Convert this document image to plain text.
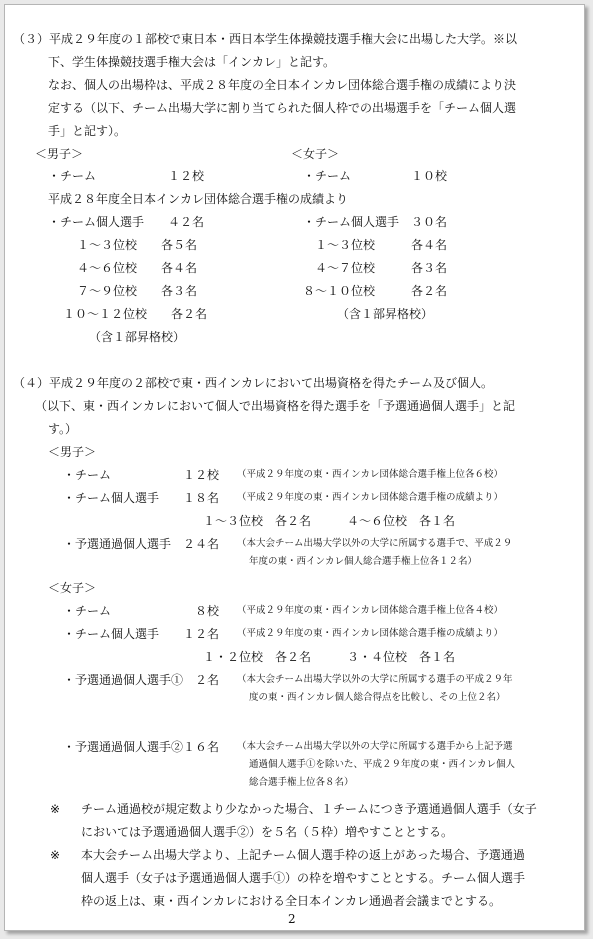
（３）平成２９年度の１部校で東日本・西日本学生体操競技選手権大会に出場した大学。※以
下、学生体操競技選手権大会は「インカレ」と記す。
なお、個人の出場枠は、平成２８年度の全日本インカレ団体総合選手権の成績により決
定する（以下、チーム出場大学に割り当てられた個人枠での出場選手を「チーム個人選
手」と記す）。
＜男子＞	＜女子＞
・チーム　　　　　　１２校	・チーム　　　　　１０校
平成２８年度全日本インカレ団体総合選手権の成績より
・チーム個人選手　　４２名	・チーム個人選手　３０名
１～３位校　　各５名	１～３位校　　　各４名
４～６位校　　各４名	４～７位校　　　各３名
７～９位校　　各３名	８～１０位校　　　各２名
１０～１２位校　　各２名	（含１部昇格校）
（含１部昇格校）
（４）平成２９年度の２部校で東・西インカレにおいて出場資格を得たチーム及び個人。
（以下、東・西インカレにおいて個人で出場資格を得た選手を「予選通過個人選手」と記
す。）
＜男子＞
・チーム　　　　　　１２校 （平成２９年度の東・西インカレ団体総合選手権上位各６校）
・チーム個人選手　　１８名 （平成２９年度の東・西インカレ団体総合選手権の成績より）
１～３位校　各２名　　　４～６位校　各１名
・予選通過個人選手　２４名 （本大会チーム出場大学以外の大学に所属する選手で、平成２９
年度の東・西インカレ個人総合選手権上位各１２名）
＜女子＞
・チーム　　　　　　　８校 （平成２９年度の東・西インカレ団体総合選手権上位各４校）
・チーム個人選手　　１２名 （平成２９年度の東・西インカレ団体総合選手権の成績より）
１・２位校　各２名　　　３・４位校　各１名
・予選通過個人選手①　２名 （本大会チーム出場大学以外の大学に所属する選手の平成２９年
度の東・西インカレ個人総合得点を比較し、その上位２名）
・予選通過個人選手②１６名 （本大会チーム出場大学以外の大学に所属する選手から上記予選
通過個人選手①を除いた、平成２９年度の東・西インカレ個人
総合選手権上位各８名）
※ チーム通過校が規定数より少なかった場合、１チームにつき予選通過個人選手（女子
においては予選通過個人選手②）を５名（５枠）増やすこととする。
※ 本大会チーム出場大学より、上記チーム個人選手枠の返上があった場合、予選通過
個人選手（女子は予選通過個人選手①）の枠を増やすこととする。チーム個人選手
枠の返上は、東・西インカレにおける全日本インカレ通過者会議までとする。
2
